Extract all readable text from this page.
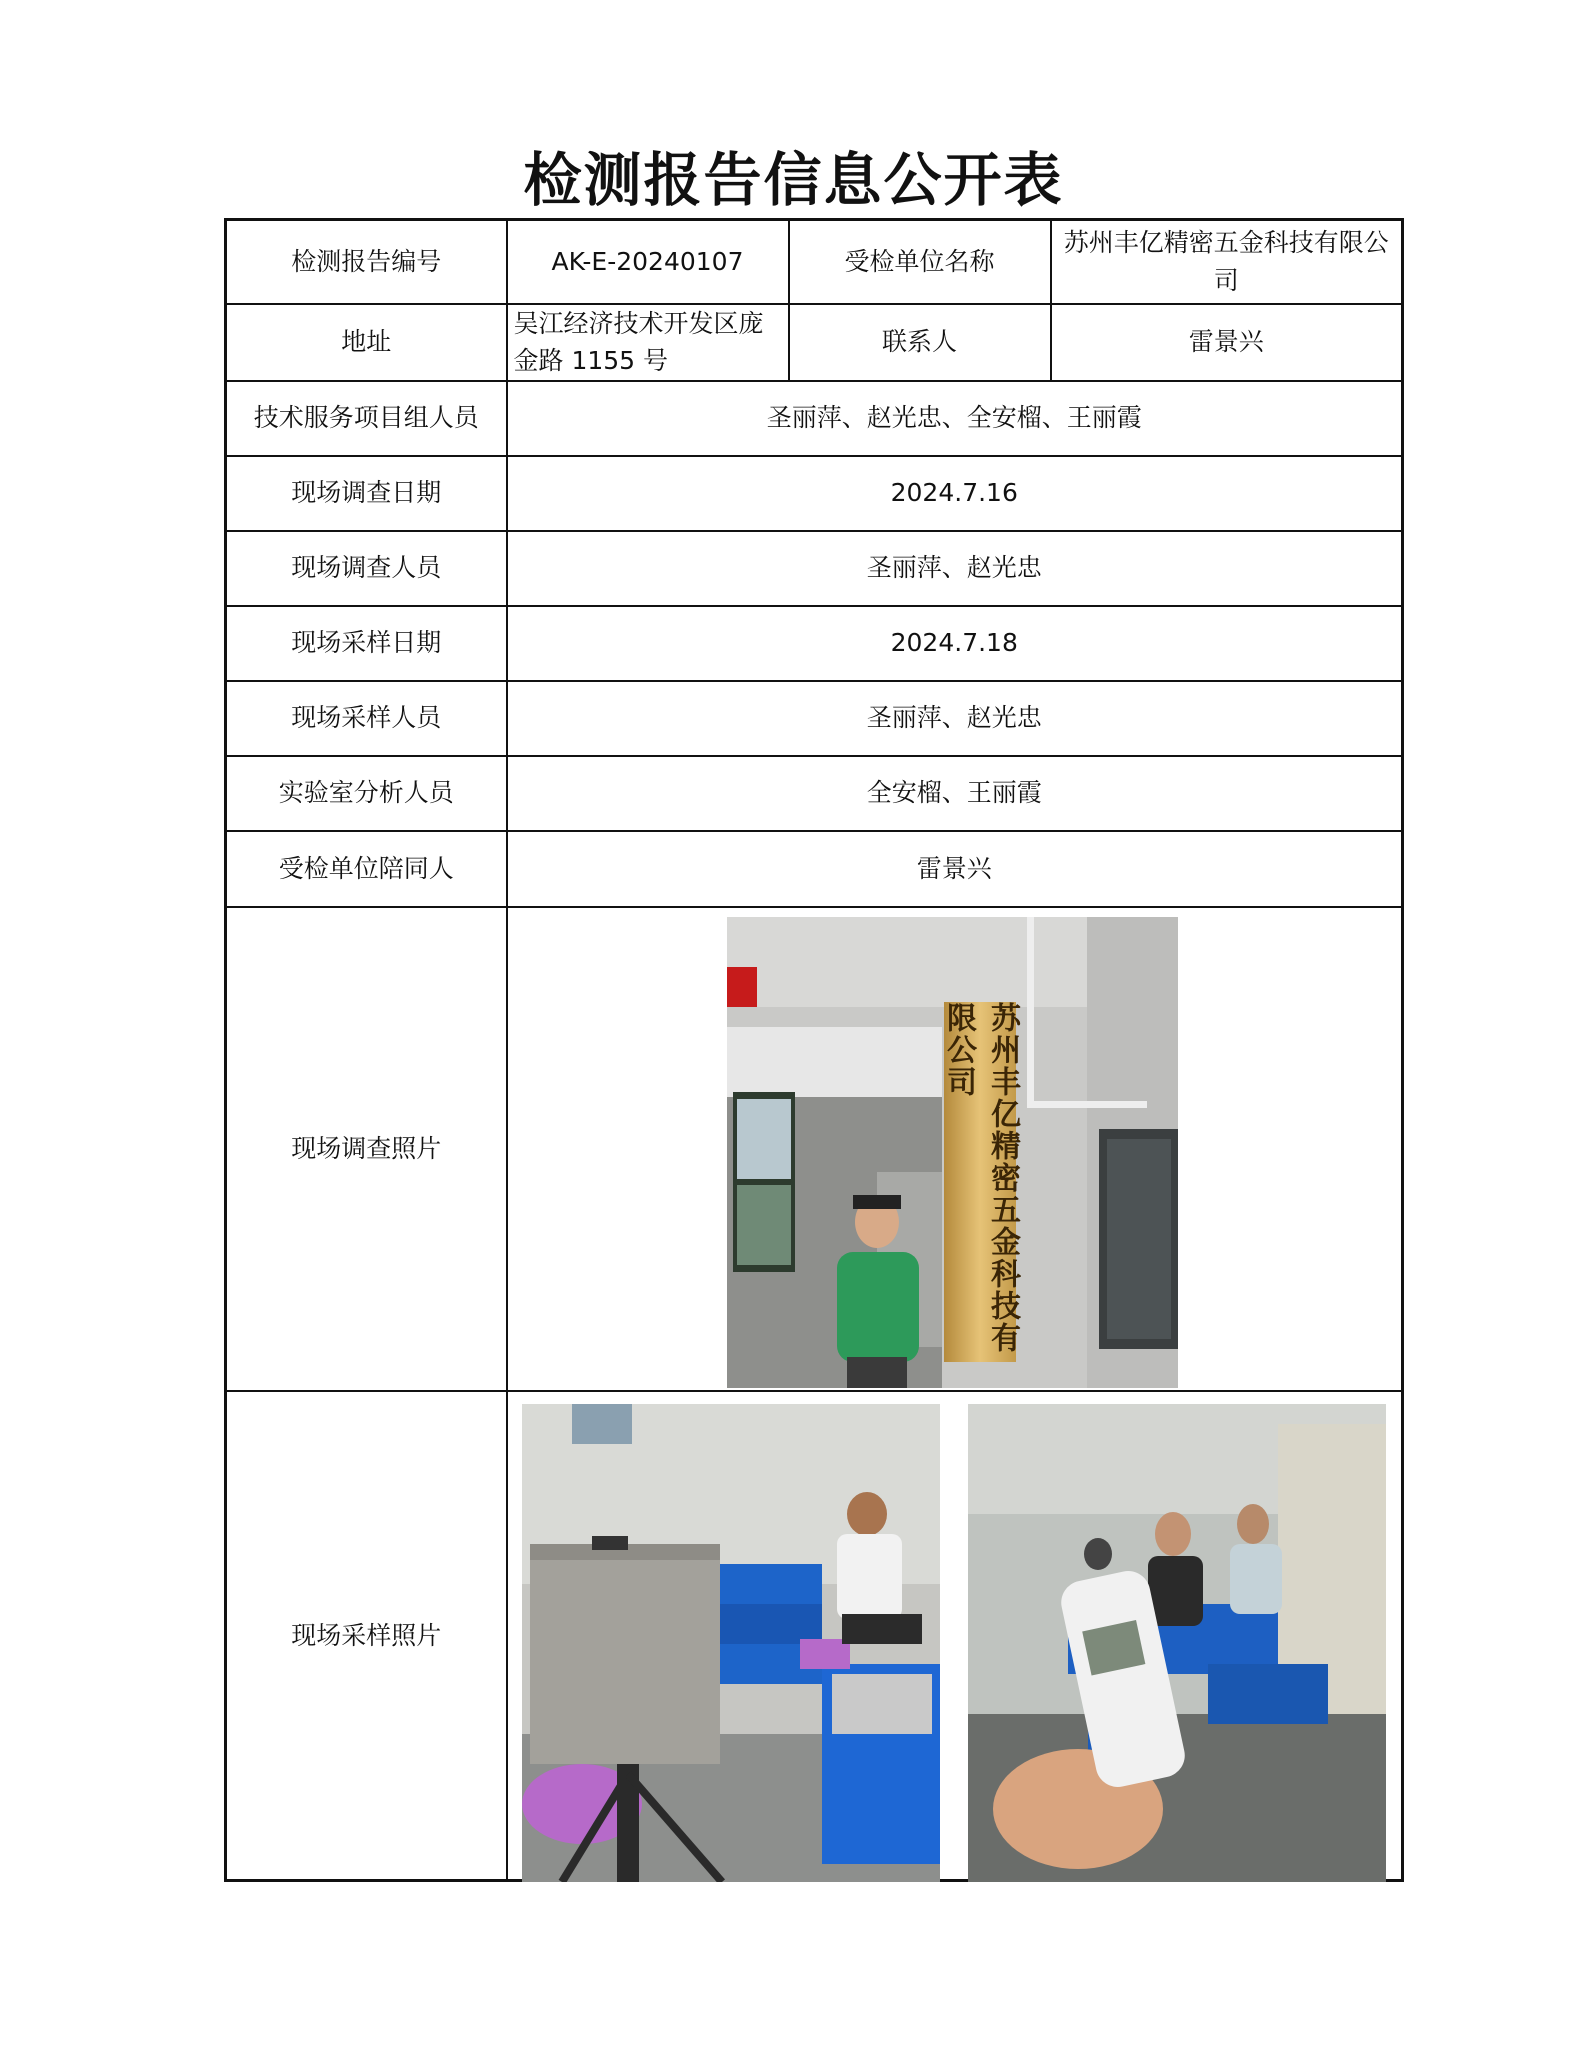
检测报告信息公开表
检测报告编号	AK-E-20240107	受检单位名称	苏州丰亿精密五金科技有限公司
地址	吴江经济技术开发区庞金路 1155 号	联系人	雷景兴
技术服务项目组人员	圣丽萍、赵光忠、全安榴、王丽霞		
现场调查日期	2024.7.16		
现场调查人员	圣丽萍、赵光忠		
现场采样日期	2024.7.18		
现场采样人员	圣丽萍、赵光忠		
实验室分析人员	全安榴、王丽霞		
受检单位陪同人	雷景兴		
现场调查照片			
现场采样照片			
苏州丰亿精密五金科技有限公司
